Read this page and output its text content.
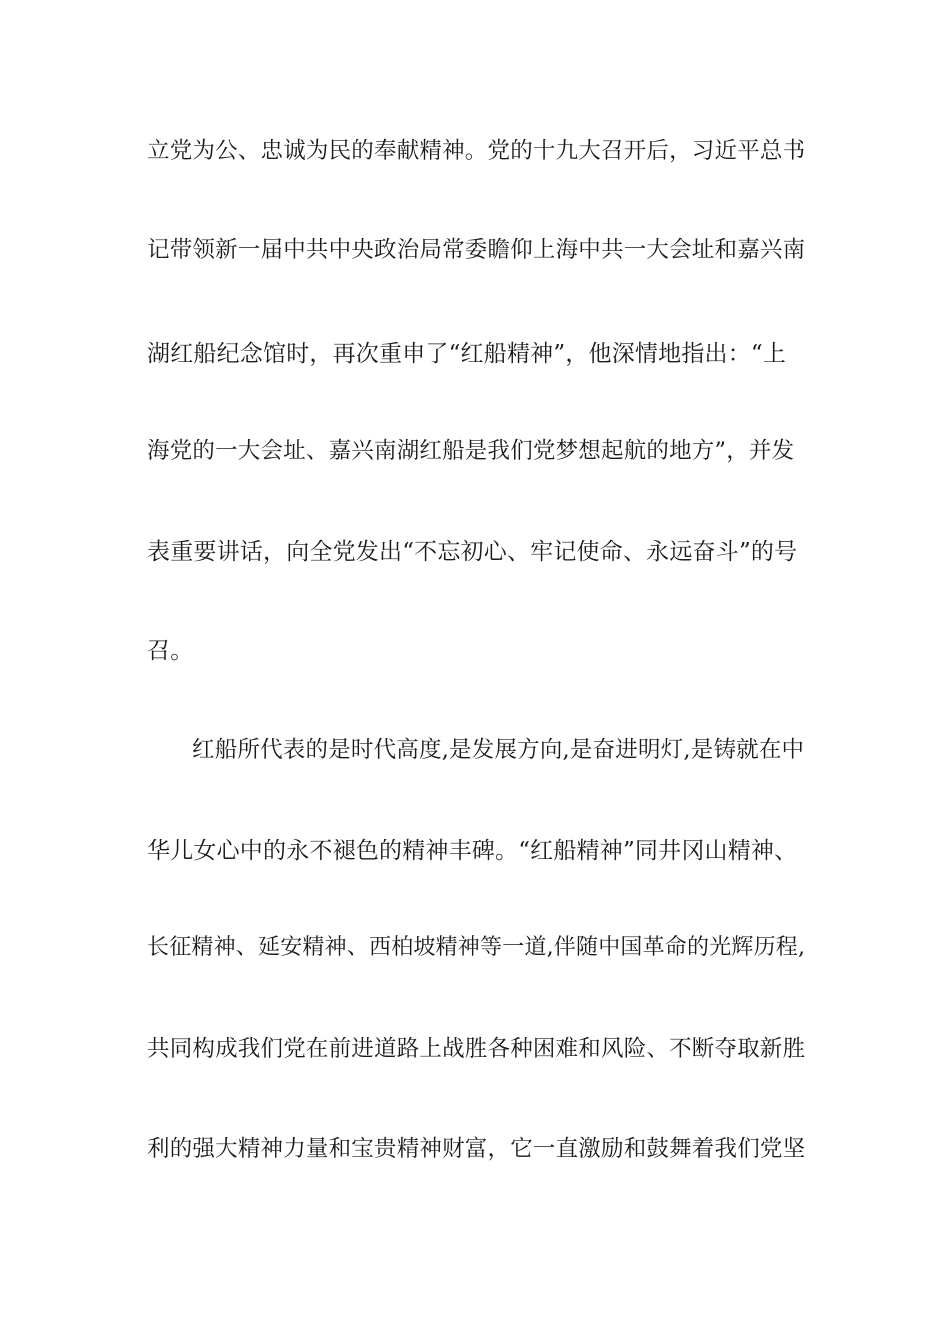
立党为公、忠诚为民的奉献精神。党的十九大召开后，习近平总书
记带领新一届中共中央政治局常委瞻仰上海中共一大会址和嘉兴南
湖红船纪念馆时，再次重申了“红船精神”，他深情地指出：“上
海党的一大会址、嘉兴南湖红船是我们党梦想起航的地方”，并发
表重要讲话，向全党发出“不忘初心、牢记使命、永远奋斗”的号
召。
红船所代表的是时代高度,是发展方向,是奋进明灯,是铸就在中
华儿女心中的永不褪色的精神丰碑。“红船精神”同井冈山精神、
长征精神、延安精神、西柏坡精神等一道,伴随中国革命的光辉历程,
共同构成我们党在前进道路上战胜各种困难和风险、不断夺取新胜
利的强大精神力量和宝贵精神财富，它一直激励和鼓舞着我们党坚
